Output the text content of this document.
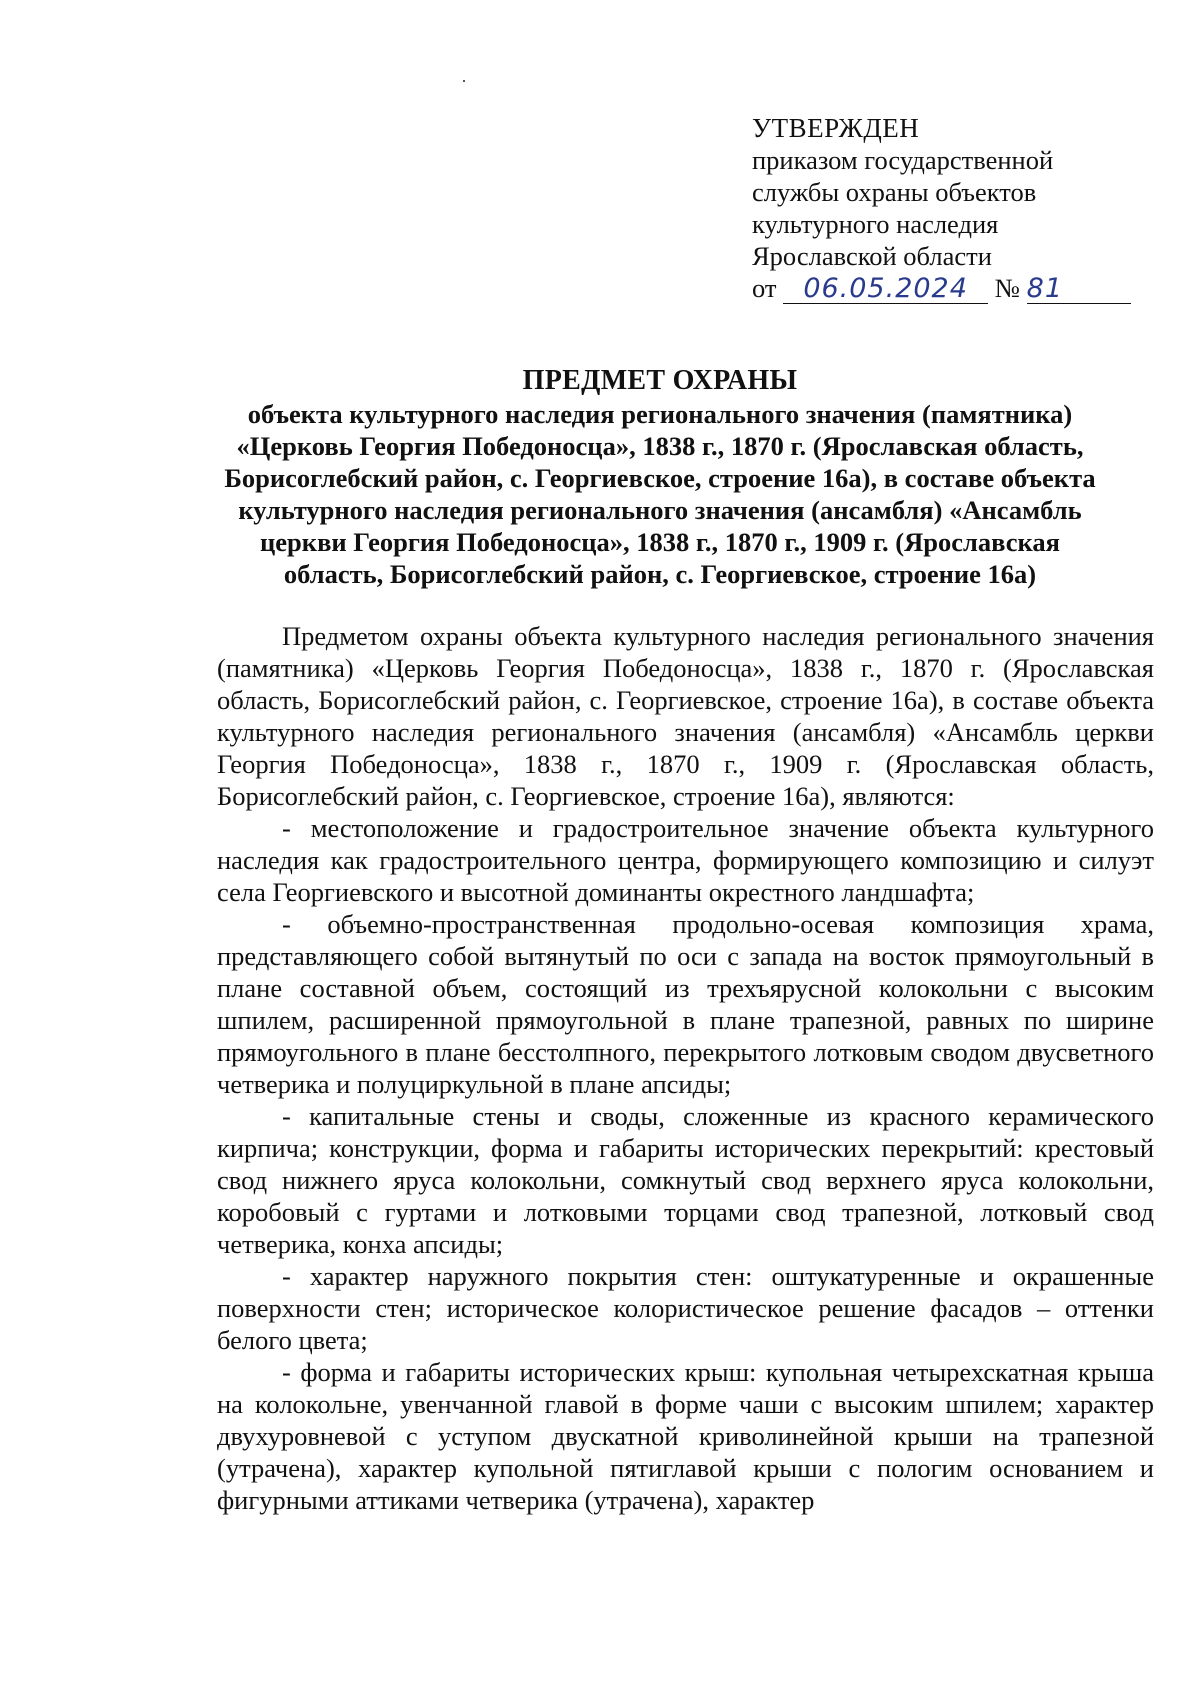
УТВЕРЖДЕН
приказом государственной
службы охраны объектов
культурного наследия
Ярославской области
от 06.05.2024 № 81
ПРЕДМЕТ ОХРАНЫ
объекта культурного наследия регионального значения (памятника)
«Церковь Георгия Победоносца», 1838 г., 1870 г. (Ярославская область,
Борисоглебский район, с. Георгиевское, строение 16а), в составе объекта
культурного наследия регионального значения (ансамбля) «Ансамбль
церкви Георгия Победоносца», 1838 г., 1870 г., 1909 г. (Ярославская
область, Борисоглебский район, с. Георгиевское, строение 16а)

Предметом охраны объекта культурного наследия регионального значения (памятника) «Церковь Георгия Победоносца», 1838 г., 1870 г. (Ярославская область, Борисоглебский район, с. Георгиевское, строение 16а), в составе объекта культурного наследия регионального значения (ансамбля) «Ансамбль церкви Георгия Победоносца», 1838 г., 1870 г., 1909 г. (Ярославская область, Борисоглебский район, с. Георгиевское, строение 16а), являются:

- местоположение и градостроительное значение объекта культурного наследия как градостроительного центра, формирующего композицию и силуэт села Георгиевского и высотной доминанты окрестного ландшафта;

- объемно-пространственная продольно-осевая композиция храма, представляющего собой вытянутый по оси с запада на восток прямоугольный в плане составной объем, состоящий из трехъярусной колокольни с высоким шпилем, расширенной прямоугольной в плане трапезной, равных по ширине прямоугольного в плане бесстолпного, перекрытого лотковым сводом двусветного четверика и полуциркульной в плане апсиды;

- капитальные стены и своды, сложенные из красного керамического кирпича; конструкции, форма и габариты исторических перекрытий: крестовый свод нижнего яруса колокольни, сомкнутый свод верхнего яруса колокольни, коробовый с гуртами и лотковыми торцами свод трапезной, лотковый свод четверика, конха апсиды;

- характер наружного покрытия стен: оштукатуренные и окрашенные поверхности стен; историческое колористическое решение фасадов – оттенки белого цвета;

- форма и габариты исторических крыш: купольная четырехскатная крыша на колокольне, увенчанной главой в форме чаши с высоким шпилем; характер двухуровневой с уступом двускатной криволинейной крыши на трапезной (утрачена), характер купольной пятиглавой крыши с пологим основанием и фигурными аттиками четверика (утрачена), характер
